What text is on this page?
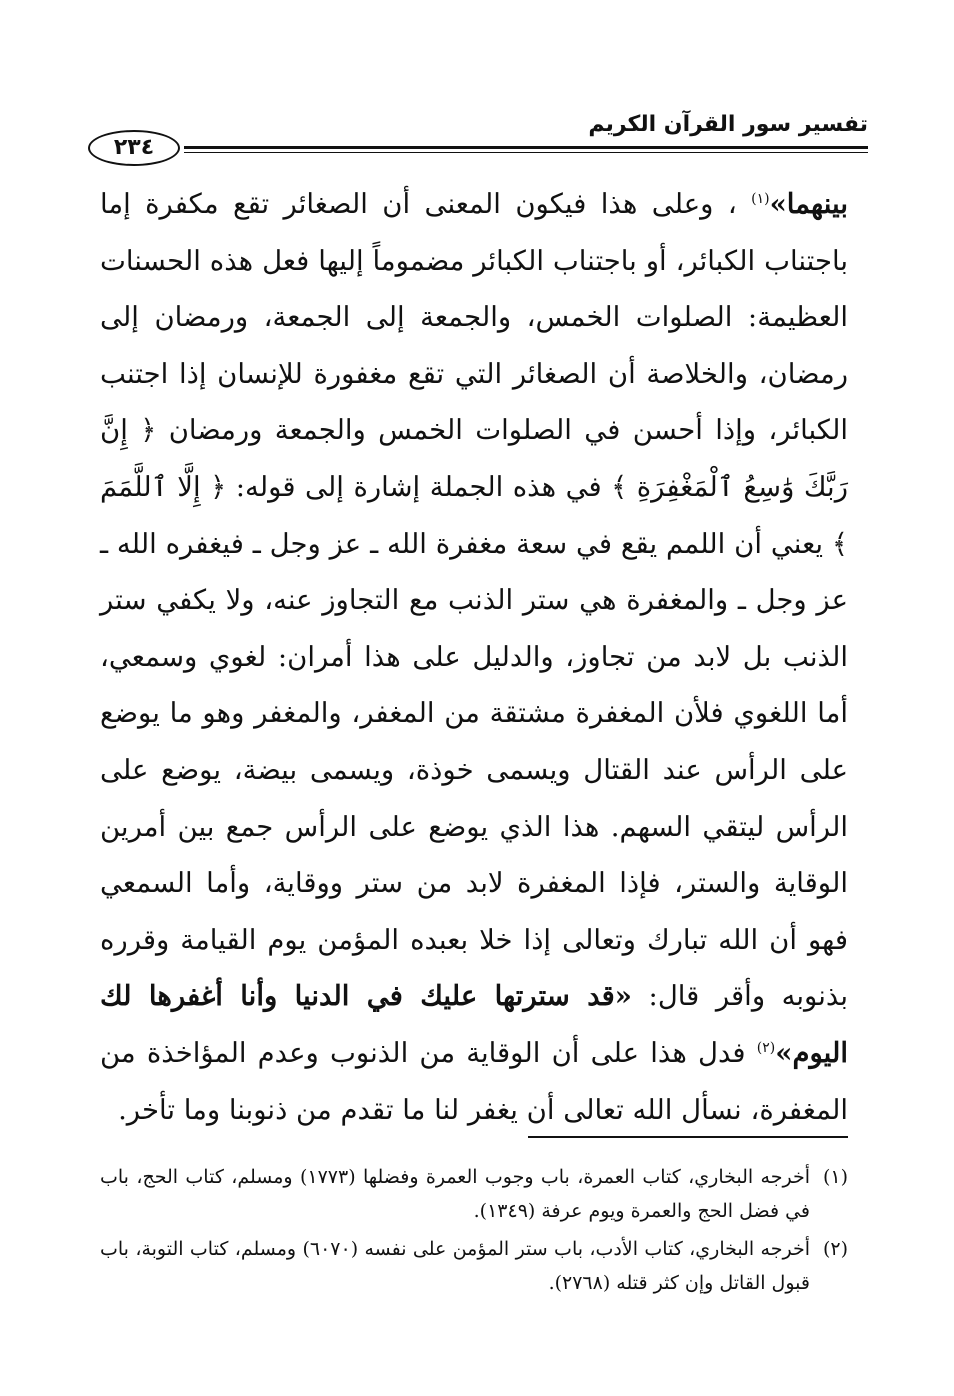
تفسير سور القرآن الكريم
٢٣٤

بينهما»$^{(١)}$ ، وعلى هذا فيكون المعنى أن الصغائر تقع مكفرة إما باجتناب الكبائر، أو باجتناب الكبائر مضموماً إليها فعل هذه الحسنات العظيمة: الصلوات الخمس، والجمعة إلى الجمعة، ورمضان إلى رمضان، والخلاصة أن الصغائر التي تقع مغفورة للإنسان إذا اجتنب الكبائر، وإذا أحسن في الصلوات الخمس والجمعة ورمضان ﴿ إِنَّ رَبَّكَ وَٰسِعُ ٱلْمَغْفِرَةِ ﴾ في هذه الجملة إشارة إلى قوله: ﴿ إِلَّا ٱللَّمَمَ ﴾ يعني أن اللمم يقع في سعة مغفرة الله ـ عز وجل ـ فيغفره الله ـ عز وجل ـ والمغفرة هي ستر الذنب مع التجاوز عنه، ولا يكفي ستر الذنب بل لابد من تجاوز، والدليل على هذا أمران: لغوي وسمعي، أما اللغوي فلأن المغفرة مشتقة من المغفر، والمغفر وهو ما يوضع على الرأس عند القتال ويسمى خوذة، ويسمى بيضة، يوضع على الرأس ليتقي السهم. هذا الذي يوضع على الرأس جمع بين أمرين الوقاية والستر، فإذا المغفرة لابد من ستر ووقاية، وأما السمعي فهو أن الله تبارك وتعالى إذا خلا بعبده المؤمن يوم القيامة وقرره بذنوبه وأقر قال: «قد سترتها عليك في الدنيا وأنا أغفرها لك اليوم»$^{(٢)}$ فدل هذا على أن الوقاية من الذنوب وعدم المؤاخذة من المغفرة، نسأل الله تعالى أن يغفر لنا ما تقدم من ذنوبنا وما تأخر.

(١)
أخرجه البخاري، كتاب العمرة، باب وجوب العمرة وفضلها (١٧٧٣) ومسلم، كتاب الحج، باب في فضل الحج والعمرة ويوم عرفة (١٣٤٩).

(٢)
أخرجه البخاري، كتاب الأدب، باب ستر المؤمن على نفسه (٦٠٧٠) ومسلم، كتاب التوبة، باب قبول القاتل وإن كثر قتله (٢٧٦٨).
